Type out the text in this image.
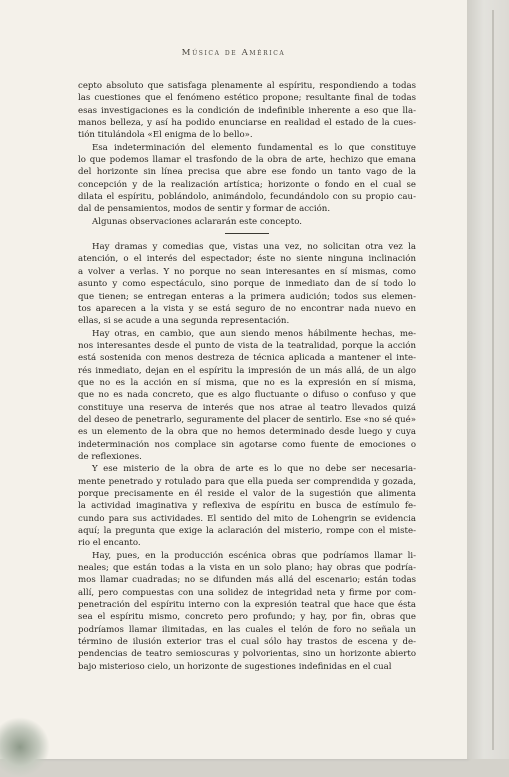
Música de América
cepto absoluto que satisfaga plenamente al espíritu, respondiendo a todas
las cuestiones que el fenómeno estético propone; resultante final de todas
esas investigaciones es la condición de indefinible inherente a eso que lla-
manos belleza, y así ha podido enunciarse en realidad el estado de la cues-
tión titulándola «El enigma de lo bello».
Esa indeterminación del elemento fundamental es lo que constituye
lo que podemos llamar el trasfondo de la obra de arte, hechizo que emana
del horizonte sin línea precisa que abre ese fondo un tanto vago de la
concepción y de la realización artística; horizonte o fondo en el cual se
dilata el espíritu, poblándolo, animándolo, fecundándolo con su propio cau-
dal de pensamientos, modos de sentir y formar de acción.
Algunas observaciones aclararán este concepto.
Hay dramas y comedias que, vistas una vez, no solicitan otra vez la
atención, o el interés del espectador; éste no siente ninguna inclinación
a volver a verlas. Y no porque no sean interesantes en sí mismas, como
asunto y como espectáculo, sino porque de inmediato dan de sí todo lo
que tienen; se entregan enteras a la primera audición; todos sus elemen-
tos aparecen a la vista y se está seguro de no encontrar nada nuevo en
ellas, si se acude a una segunda representación.
Hay otras, en cambio, que aun siendo menos hábilmente hechas, me-
nos interesantes desde el punto de vista de la teatralidad, porque la acción
está sostenida con menos destreza de técnica aplicada a mantener el inte-
rés inmediato, dejan en el espíritu la impresión de un más allá, de un algo
que no es la acción en sí misma, que no es la expresión en sí misma,
que no es nada concreto, que es algo fluctuante o difuso o confuso y que
constituye una reserva de interés que nos atrae al teatro llevados quizá
del deseo de penetrarlo, seguramente del placer de sentirlo. Ese «no sé qué»
es un elemento de la obra que no hemos determinado desde luego y cuya
indeterminación nos complace sin agotarse como fuente de emociones o
de reflexiones.
Y ese misterio de la obra de arte es lo que no debe ser necesaria-
mente penetrado y rotulado para que ella pueda ser comprendida y gozada,
porque precisamente en él reside el valor de la sugestión que alimenta
la actividad imaginativa y reflexiva de espíritu en busca de estímulo fe-
cundo para sus actividades. El sentido del mito de Lohengrin se evidencia
aquí; la pregunta que exige la aclaración del misterio, rompe con el miste-
rio el encanto.
Hay, pues, en la producción escénica obras que podríamos llamar li-
neales; que están todas a la vista en un solo plano; hay obras que podría-
mos llamar cuadradas; no se difunden más allá del escenario; están todas
allí, pero compuestas con una solidez de integridad neta y firme por com-
penetración del espíritu interno con la expresión teatral que hace que ésta
sea el espíritu mismo, concreto pero profundo; y hay, por fin, obras que
podríamos llamar ilimitadas, en las cuales el telón de foro no señala un
término de ilusión exterior tras el cual sólo hay trastos de escena y de-
pendencias de teatro semioscuras y polvorientas, sino un horizonte abierto
bajo misterioso cielo, un horizonte de sugestiones indefinidas en el cual
